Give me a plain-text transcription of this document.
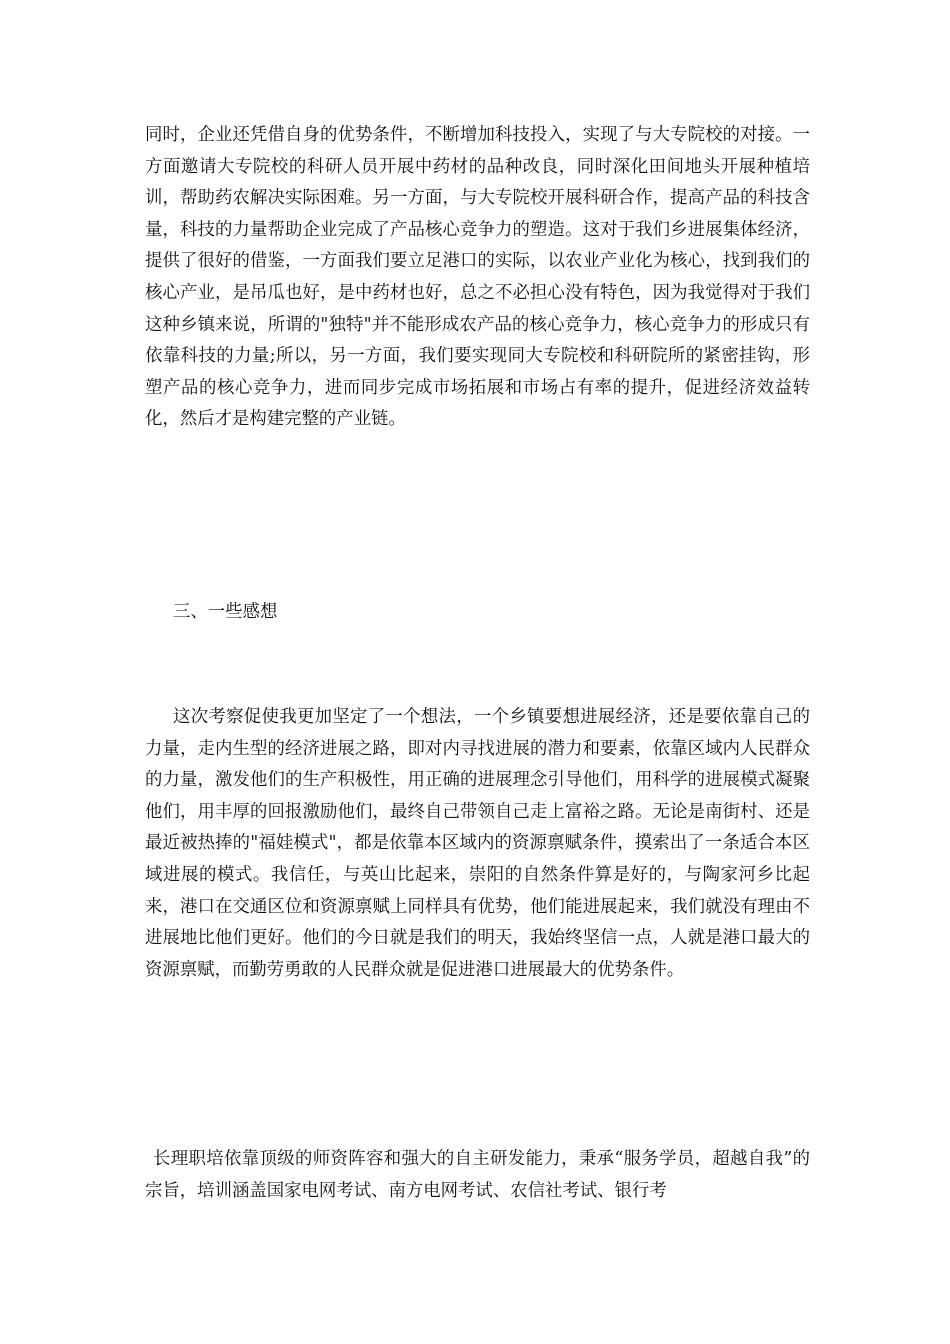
同时，企业还凭借自身的优势条件，不断增加科技投入，实现了与大专院校的对接。一方面邀请大专院校的科研人员开展中药材的品种改良，同时深化田间地头开展种植培训，帮助药农解决实际困难。另一方面，与大专院校开展科研合作，提高产品的科技含量，科技的力量帮助企业完成了产品核心竞争力的塑造。这对于我们乡进展集体经济，提供了很好的借鉴，一方面我们要立足港口的实际，以农业产业化为核心，找到我们的核心产业，是吊瓜也好，是中药材也好，总之不必担心没有特色，因为我觉得对于我们这种乡镇来说，所谓的"独特"并不能形成农产品的核心竞争力，核心竞争力的形成只有依靠科技的力量;所以，另一方面，我们要实现同大专院校和科研院所的紧密挂钩，形塑产品的核心竞争力，进而同步完成市场拓展和市场占有率的提升，促进经济效益转化，然后才是构建完整的产业链。

三、一些感想

这次考察促使我更加坚定了一个想法，一个乡镇要想进展经济，还是要依靠自己的力量，走内生型的经济进展之路，即对内寻找进展的潜力和要素，依靠区域内人民群众的力量，激发他们的生产积极性，用正确的进展理念引导他们，用科学的进展模式凝聚他们，用丰厚的回报激励他们，最终自己带领自己走上富裕之路。无论是南街村、还是最近被热捧的"福娃模式"，都是依靠本区域内的资源禀赋条件，摸索出了一条适合本区域进展的模式。我信任，与英山比起来，崇阳的自然条件算是好的，与陶家河乡比起来，港口在交通区位和资源禀赋上同样具有优势，他们能进展起来，我们就没有理由不进展地比他们更好。他们的今日就是我们的明天，我始终坚信一点，人就是港口最大的资源禀赋，而勤劳勇敢的人民群众就是促进港口进展最大的优势条件。

长理职培依靠顶级的师资阵容和强大的自主研发能力，秉承“服务学员，超越自我”的宗旨，培训涵盖国家电网考试、南方电网考试、农信社考试、银行考
